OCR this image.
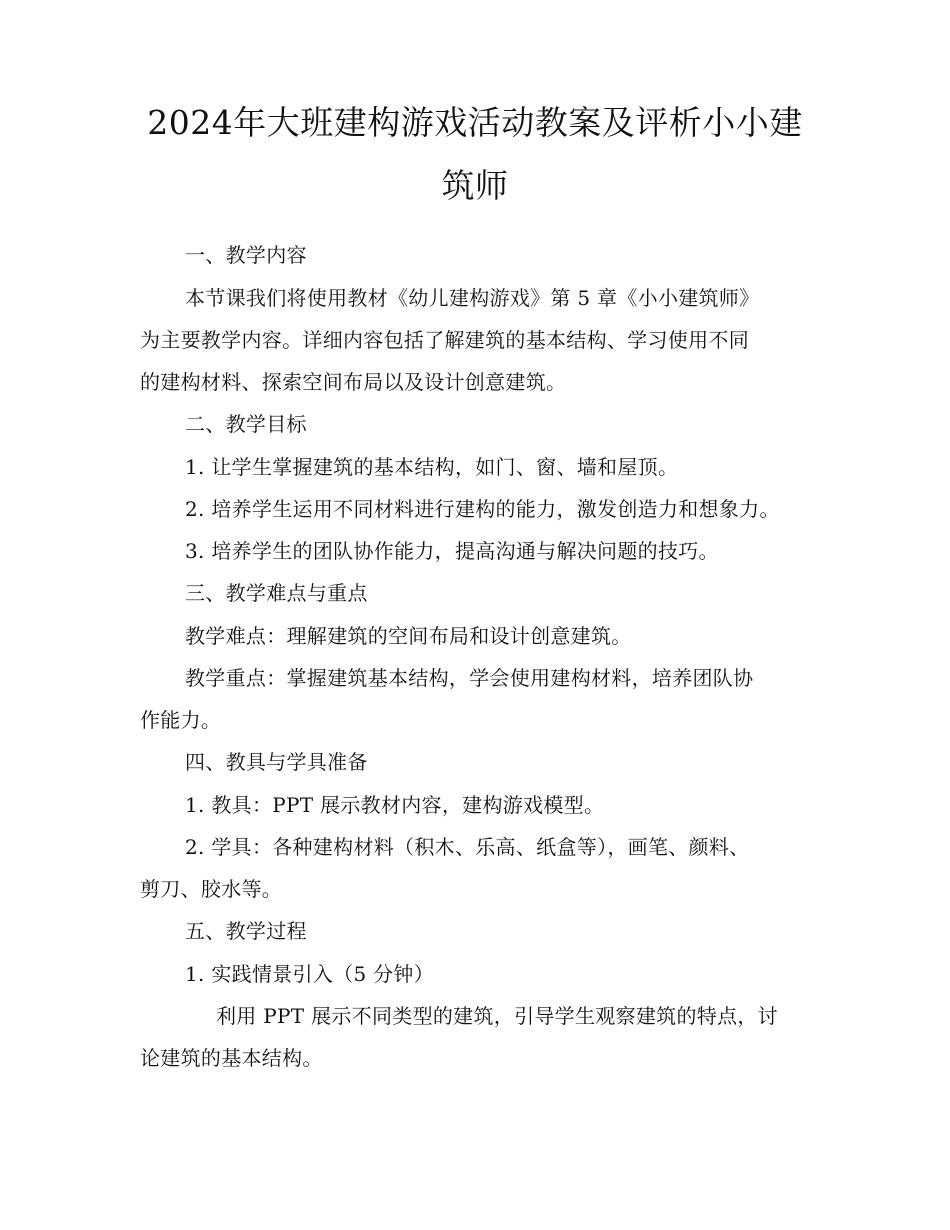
2024年大班建构游戏活动教案及评析小小建
筑师
一、教学内容
本节课我们将使用教材《幼儿建构游戏》第 5 章《小小建筑师》
为主要教学内容。详细内容包括了解建筑的基本结构、学习使用不同
的建构材料、探索空间布局以及设计创意建筑。
二、教学目标
1. 让学生掌握建筑的基本结构，如门、窗、墙和屋顶。
2. 培养学生运用不同材料进行建构的能力，激发创造力和想象力。
3. 培养学生的团队协作能力，提高沟通与解决问题的技巧。
三、教学难点与重点
教学难点：理解建筑的空间布局和设计创意建筑。
教学重点：掌握建筑基本结构，学会使用建构材料，培养团队协
作能力。
四、教具与学具准备
1. 教具：PPT 展示教材内容，建构游戏模型。
2. 学具：各种建构材料（积木、乐高、纸盒等），画笔、颜料、
剪刀、胶水等。
五、教学过程
1. 实践情景引入（5 分钟）
利用 PPT 展示不同类型的建筑，引导学生观察建筑的特点，讨
论建筑的基本结构。
